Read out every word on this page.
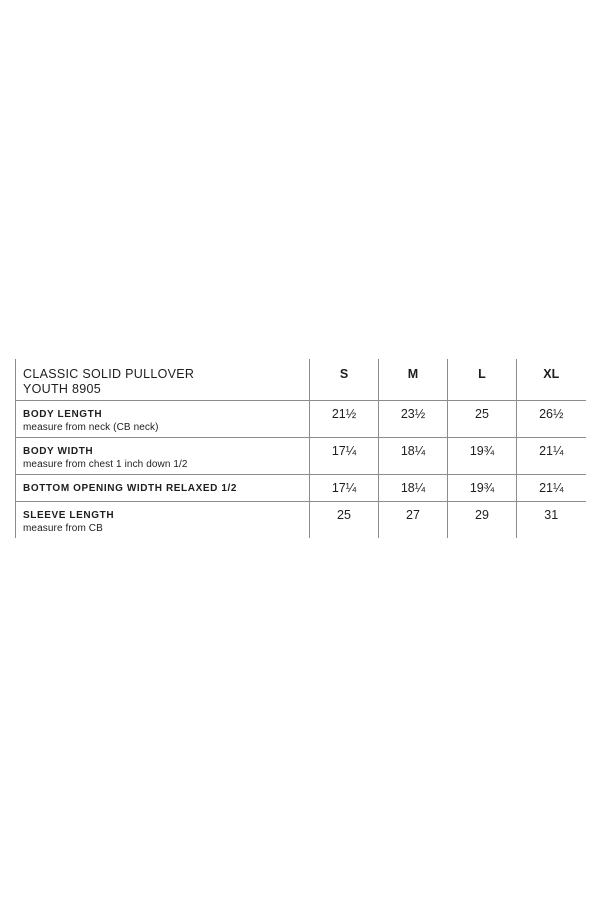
CLASSIC SOLID PULLOVER
YOUTH 8905	S	M	L	XL

BODY LENGTH
measure from neck (CB neck)	21½	23½	25	26½

BODY WIDTH
measure from chest 1 inch down 1/2	17¼	18¼	19¾	21¼

BOTTOM OPENING WIDTH RELAXED 1/2	17¼	18¼	19¾	21¼

SLEEVE LENGTH
measure from CB	25	27	29	31
